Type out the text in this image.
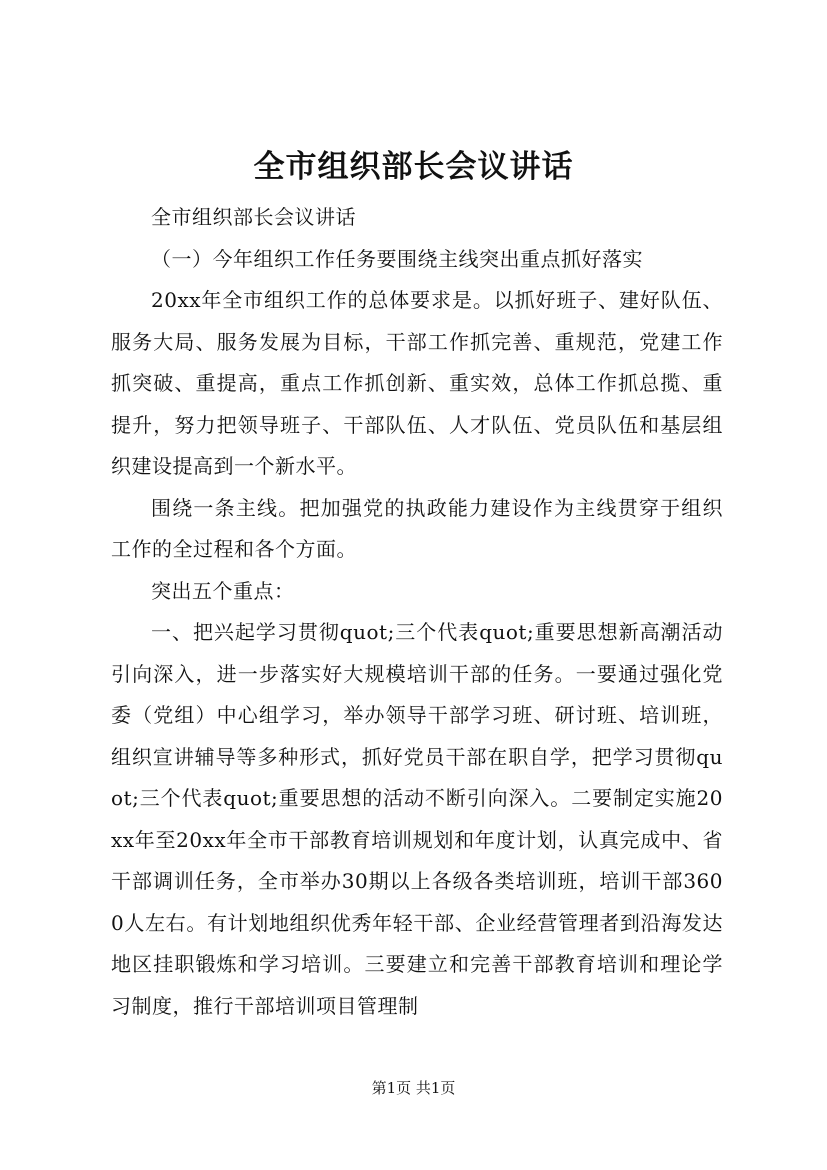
全市组织部长会议讲话

全市组织部长会议讲话

（一）今年组织工作任务要围绕主线突出重点抓好落实

20xx年全市组织工作的总体要求是。以抓好班子、建好队伍、服务大局、服务发展为目标，干部工作抓完善、重规范，党建工作抓突破、重提高，重点工作抓创新、重实效，总体工作抓总揽、重提升，努力把领导班子、干部队伍、人才队伍、党员队伍和基层组织建设提高到一个新水平。

围绕一条主线。把加强党的执政能力建设作为主线贯穿于组织工作的全过程和各个方面。

突出五个重点：

一、把兴起学习贯彻quot;三个代表quot;重要思想新高潮活动引向深入，进一步落实好大规模培训干部的任务。一要通过强化党委（党组）中心组学习，举办领导干部学习班、研讨班、培训班，组织宣讲辅导等多种形式，抓好党员干部在职自学，把学习贯彻quot;三个代表quot;重要思想的活动不断引向深入。二要制定实施20xx年至20xx年全市干部教育培训规划和年度计划，认真完成中、省干部调训任务，全市举办30期以上各级各类培训班，培训干部3600人左右。有计划地组织优秀年轻干部、企业经营管理者到沿海发达地区挂职锻炼和学习培训。三要建立和完善干部教育培训和理论学习制度，推行干部培训项目管理制

第1页 共1页
